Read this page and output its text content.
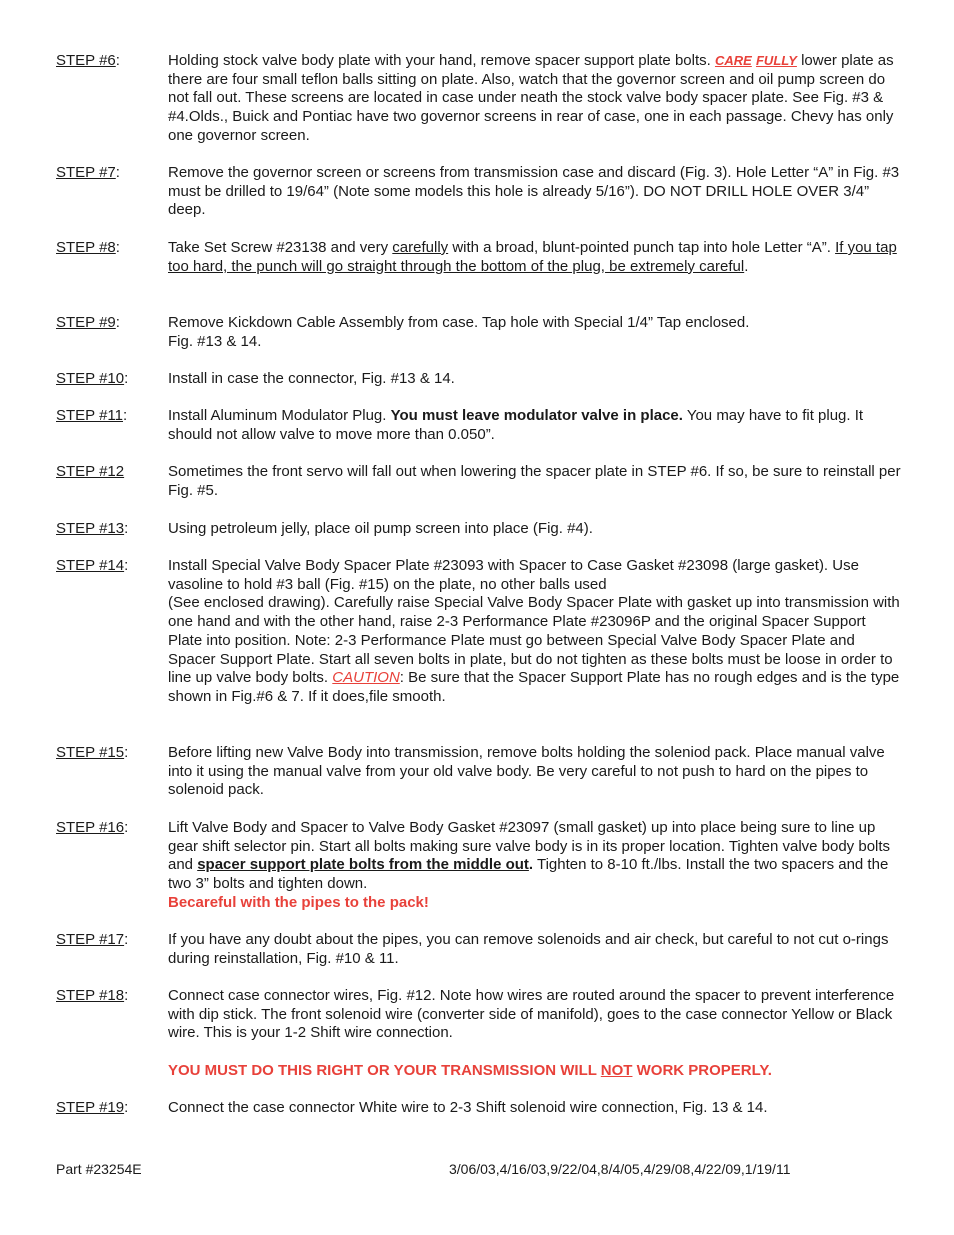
STEP #6:	Holding stock valve body plate with your hand, remove spacer support plate bolts. CARE FULLY lower plate as there are four small teflon balls sitting on plate. Also, watch that the governor screen and oil pump screen do not fall out. These screens are located in case under neath the stock valve body spacer plate. See Fig. #3 & #4.Olds., Buick and Pontiac have two governor screens in rear of case, one in each passage. Chevy has only one governor screen.
STEP #7:	Remove the governor screen or screens from transmission case and discard (Fig. 3). Hole Letter “A” in Fig. #3 must be drilled to 19/64” (Note some models this hole is already 5/16”). DO NOT DRILL HOLE OVER 3/4” deep.
STEP #8:	Take Set Screw #23138 and very carefully with a broad, blunt-pointed punch tap into hole Letter “A”. If you tap too hard, the punch will go straight through the bottom of the plug, be extremely careful.
STEP #9:	Remove Kickdown Cable Assembly from case. Tap hole with Special 1/4” Tap enclosed.
Fig. #13 & 14.
STEP #10:	Install in case the connector, Fig. #13 & 14.
STEP #11:	Install Aluminum Modulator Plug. You must leave modulator valve in place. You may have to fit plug. It should not allow valve to move more than 0.050”.
STEP #12	Sometimes the front servo will fall out when lowering the spacer plate in STEP #6. If so, be sure to reinstall per Fig. #5.
STEP #13:	Using petroleum jelly, place oil pump screen into place (Fig. #4).
STEP #14:	Install Special Valve Body Spacer Plate #23093 with Spacer to Case Gasket #23098 (large gasket). Use vasoline to hold #3 ball (Fig. #15) on the plate, no other balls used
(See enclosed drawing). Carefully raise Special Valve Body Spacer Plate with gasket up into transmission with one hand and with the other hand, raise 2-3 Performance Plate #23096P and the original Spacer Support Plate into position. Note: 2-3 Performance Plate must go between Special Valve Body Spacer Plate and Spacer Support Plate. Start all seven bolts in plate, but do not tighten as these bolts must be loose in order to line up valve body bolts. CAUTION: Be sure that the Spacer Support Plate has no rough edges and is the type shown in Fig.#6 & 7. If it does,file smooth.
STEP #15:	Before lifting new Valve Body into transmission, remove bolts holding the soleniod pack. Place manual valve into it using the manual valve from your old valve body. Be very careful to not push to hard on the pipes to solenoid pack.
STEP #16:	Lift Valve Body and Spacer to Valve Body Gasket #23097 (small gasket) up into place being sure to line up gear shift selector pin. Start all bolts making sure valve body is in its proper location. Tighten valve body bolts and spacer support plate bolts from the middle out. Tighten to 8-10 ft./lbs. Install the two spacers and the two 3” bolts and tighten down.
Becareful with the pipes to the pack!
STEP #17:	If you have any doubt about the pipes, you can remove solenoids and air check, but careful to not cut o-rings during reinstallation, Fig. #10 & 11.
STEP #18:	Connect case connector wires, Fig. #12. Note how wires are routed around the spacer to prevent interference with dip stick. The front solenoid wire (converter side of manifold), goes to the case connector Yellow or Black wire. This is your 1-2 Shift wire connection.
YOU MUST DO THIS RIGHT OR YOUR TRANSMISSION WILL NOT WORK PROPERLY.
STEP #19:	Connect the case connector White wire to 2-3 Shift solenoid wire connection, Fig. 13 & 14.
Part #23254E	3/06/03,4/16/03,9/22/04,8/4/05,4/29/08,4/22/09,1/19/11
